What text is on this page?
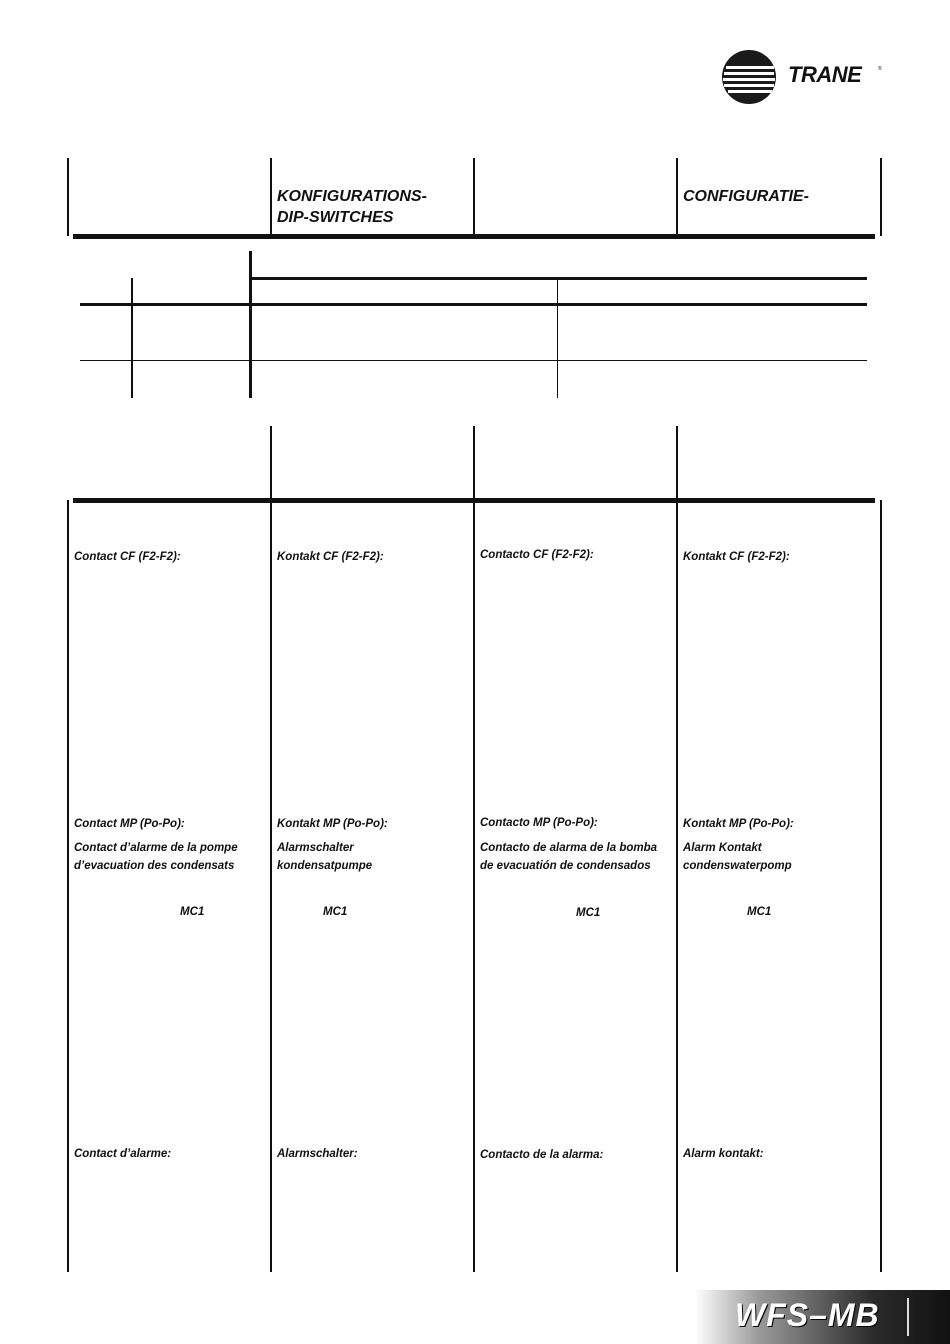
TRANE	®
KONFIGURATIONS-
DIP-SWITCHES
CONFIGURATIE-
Contact CF (F2-F2):
Contact MP (Po-Po):
Contact d’alarme de la pompe
d’evacuation des condensats
MC1
Contact d’alarme:
Kontakt CF (F2-F2):
Kontakt MP (Po-Po):
Alarmschalter
kondensatpumpe
MC1
Alarmschalter:
Contacto CF (F2-F2):
Contacto MP (Po-Po):
Contacto de alarma de la bomba
de evacuatión de condensados
MC1
Contacto de la alarma:
Kontakt CF (F2-F2):
Kontakt MP (Po-Po):
Alarm Kontakt
condenswaterpomp
MC1
Alarm kontakt:
WFS–MB
